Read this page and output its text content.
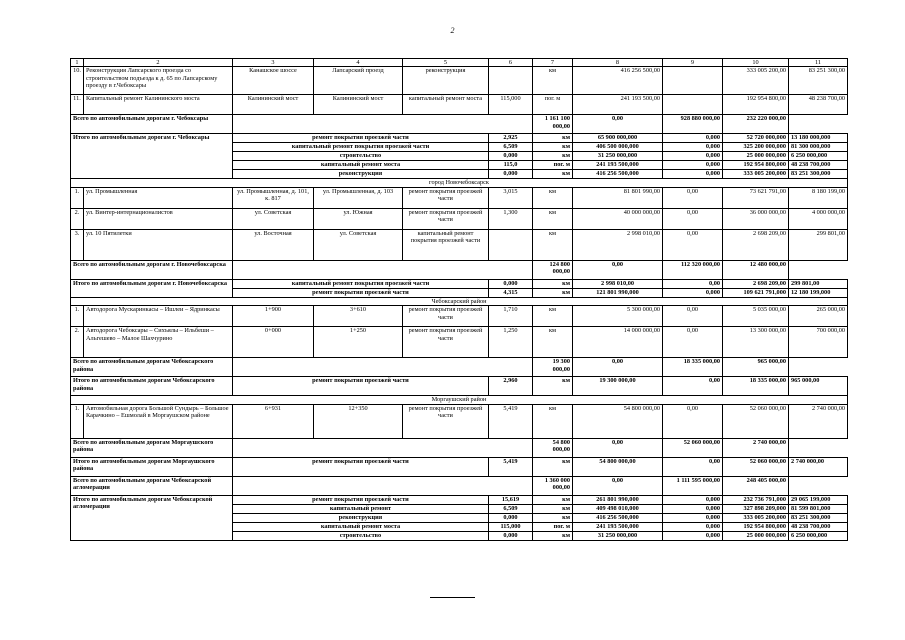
2
1	2	3	4	5	6	7	8	9	10	11
10.	Реконструкция Лапсарского проезда со строительством подъезда к д. 65 по Лапсарскому проезду в г.Чебоксары	Канашское шоссе	Лапсарский проезд	реконструкция		км	416 256 500,00		333 005 200,00	83 251 300,00
11.	Капитальный ремонт Калининского моста	Калининский мост	Калининский мост	капитальный ремонт моста	115,000	пог. м	241 193 500,00		192 954 800,00	48 238 700,00
Всего по автомобильным дорогам г. Чебоксары						1 161 100 000,00	0,00	928 880 000,00	232 220 000,00	
Итого по автомобильным дорогам г. Чебоксары		ремонт покрытия проезжей части			2,925	км	65 900 000,000	0,000	52 720 000,000	13 180 000,000
		капитальный ремонт покрытия проезжей части			6,509	км	406 500 000,000	0,000	325 200 000,000	81 300 000,000
		строительство			0,000	км	31 250 000,000	0,000	25 000 000,000	6 250 000,000
		капитальный ремонт моста			115,0	пог. м	241 193 500,000	0,000	192 954 800,000	48 238 700,000
		реконструкция			0,000	км	416 256 500,000	0,000	333 005 200,000	83 251 300,000
город Новочебоксарск										
1.	ул. Промышленная	ул. Промышленная, д. 101, к. 817	ул. Промышленная, д. 103	ремонт покрытия проезжей части	3,015	км	81 801 990,00	0,00	73 621 791,00	8 180 199,00
2.	ул. Винтер-интернационалистов	ул. Советская	ул. Южная	ремонт покрытия проезжей части	1,300	км	40 000 000,00	0,00	36 000 000,00	4 000 000,00
3.	ул. 10 Пятилетки	ул. Восточная	ул. Советская	капитальный ремонт покрытия проезжей части		км	2 998 010,00	0,00	2 698 209,00	299 801,00
Всего по автомобильным дорогам г. Новочебоксарска						124 800 000,00	0,00	112 320 000,00	12 480 000,00	
Итого по автомобильным дорогам г. Новочебоксарска		капитальный ремонт покрытия проезжей части			0,000	км	2 998 010,00	0,00	2 698 209,00	299 801,00
		ремонт покрытия проезжей части			4,315	км	121 801 990,000	0,000	109 621 791,000	12 180 199,000
Чебоксарский район										
1.	Автодорога Мускаринкасы – Ишлеи – Ядринкасы	1+900	3+610	ремонт покрытия проезжей части	1,710	км	5 300 000,00	0,00	5 035 000,00	265 000,00
2.	Автодорога Чебоксары – Сихъялы – Ильбеши – Альгешево – Малое Шахчурино	0+000	1+250	ремонт покрытия проезжей части	1,250	км	14 000 000,00	0,00	13 300 000,00	700 000,00
Всего по автомобильным дорогам Чебоксарского района						19 300 000,00	0,00	18 335 000,00	965 000,00	
Итого по автомобильным дорогам Чебоксарского района		ремонт покрытия проезжей части			2,960	км	19 300 000,00	0,00	18 335 000,00	965 000,00
Моргаушский район										
1.	Автомобильная дорога Большой Сундырь – Большое Карачкино – Ешмолай в Моргаушском районе	6+931	12+350	ремонт покрытия проезжей части	5,419	км	54 800 000,00	0,00	52 060 000,00	2 740 000,00
Всего по автомобильным дорогам Моргаушского района						54 800 000,00	0,00	52 060 000,00	2 740 000,00	
Итого по автомобильным дорогам Моргаушского района		ремонт покрытия проезжей части			5,419	км	54 800 000,00	0,00	52 060 000,00	2 740 000,00
Всего по автомобильным дорогам Чебоксарской агломерации						1 360 000 000,00	0,00	1 111 595 000,00	248 405 000,00	
Итого по автомобильным дорогам Чебоксарской агломерации		ремонт покрытия проезжей части			15,619	км	261 801 990,000	0,000	232 736 791,000	29 065 199,000
		капитальный ремонт			6,509	км	409 498 010,000	0,000	327 898 209,000	81 599 801,000
		реконструкция			0,000	км	416 256 500,000	0,000	333 005 200,000	83 251 300,000
		капитальный ремонт моста			115,000	пог. м	241 193 500,000	0,000	192 954 800,000	48 238 700,000
		строительство			0,000	км	31 250 000,000	0,000	25 000 000,000	6 250 000,000
